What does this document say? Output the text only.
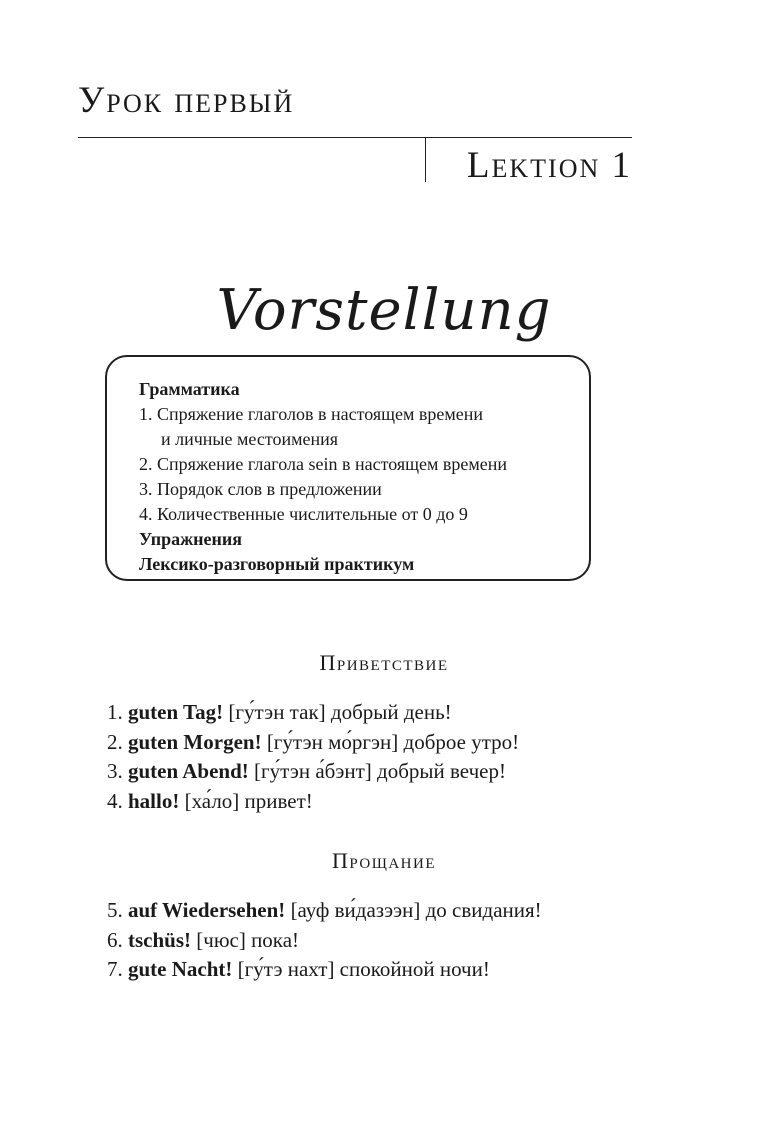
Урок первый
Lektion 1
Vorstellung
Грамматика
1. Спряжение глаголов в настоящем времени
и личные местоимения
2. Спряжение глагола sein в настоящем времени
3. Порядок слов в предложении
4. Количественные числительные от 0 до 9
Упражнения
Лексико-разговорный практикум
Приветствие
1. guten Tag! [гу́тэн так] добрый день!
2. guten Morgen! [гу́тэн мо́ргэн] доброе утро!
3. guten Abend! [гу́тэн а́бэнт] добрый вечер!
4. hallo! [ха́ло] привет!
Прощание
5. auf Wiedersehen! [ауф ви́дазээн] до свидания!
6. tschüs! [чюс] пока!
7. gute Nacht! [гу́тэ нахт] спокойной ночи!
